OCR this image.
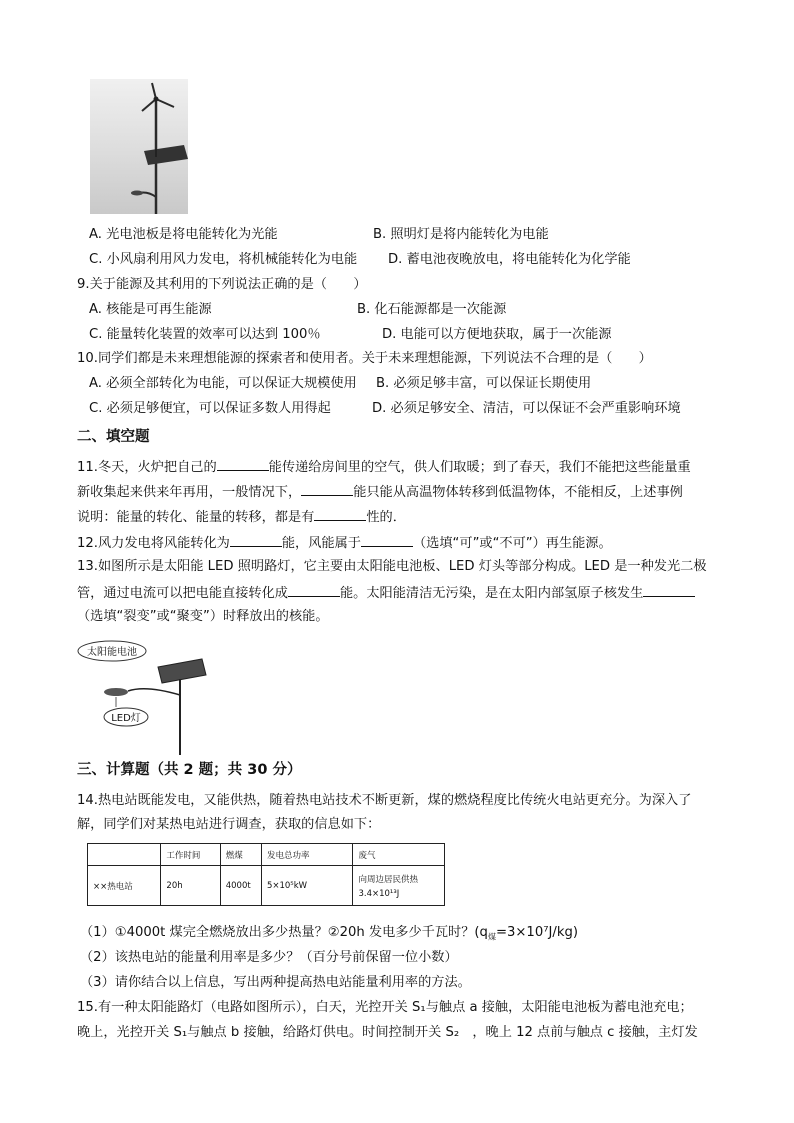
A. 光电池板是将电能转化为光能	B. 照明灯是将内能转化为电能
C. 小风扇利用风力发电，将机械能转化为电能 D. 蓄电池夜晚放电，将电能转化为化学能
9.关于能源及其利用的下列说法正确的是（　　）
A. 核能是可再生能源	B. 化石能源都是一次能源
C. 能量转化装置的效率可以达到 100％	D. 电能可以方便地获取，属于一次能源
10.同学们都是未来理想能源的探索者和使用者。关于未来理想能源，下列说法不合理的是（　　）
A. 必须全部转化为电能，可以保证大规模使用 B. 必须足够丰富，可以保证长期使用
C. 必须足够便宜，可以保证多数人用得起	D. 必须足够安全、清洁，可以保证不会严重影响环境
二、填空题
11.冬天，火炉把自己的	能传递给房间里的空气，供人们取暖；到了春天，我们不能把这些能量重
新收集起来供来年再用，一般情况下，	能只能从高温物体转移到低温物体，不能相反，上述事例
说明：能量的转化、能量的转移，都是有	性的．
12.风力发电将风能转化为	能，风能属于	（选填“可”或“不可”）再生能源。
13.如图所示是太阳能 LED 照明路灯，它主要由太阳能电池板、LED 灯头等部分构成。LED 是一种发光二极
管，通过电流可以把电能直接转化成	能。太阳能清洁无污染，是在太阳内部氢原子核发生
（选填“裂变”或“聚变”）时释放出的核能。
太阳能电池
LED灯
三、计算题（共 2 题；共 30 分）
14.热电站既能发电，又能供热，随着热电站技术不断更新，煤的燃烧程度比传统火电站更充分。为深入了
解，同学们对某热电站进行调查，获取的信息如下：
	工作时间	燃煤	发电总功率	废气
××热电站	20h	4000t	5×10⁵kW	向周边居民供热
3.4×10¹³J
（1）①4000t 煤完全燃烧放出多少热量？②20h 发电多少千瓦时？$(q_煤=3\times 10^7J/kg)$
（2）该热电站的能量利用率是多少？（百分号前保留一位小数）
（3）请你结合以上信息，写出两种提高热电站能量利用率的方法。
15.有一种太阳能路灯（电路如图所示），白天，光控开关 S₁与触点 a 接触，太阳能电池板为蓄电池充电；
晚上，光控开关 S₁与触点 b 接触，给路灯供电。时间控制开关 S₂　，晚上 12 点前与触点 c 接触，主灯发
